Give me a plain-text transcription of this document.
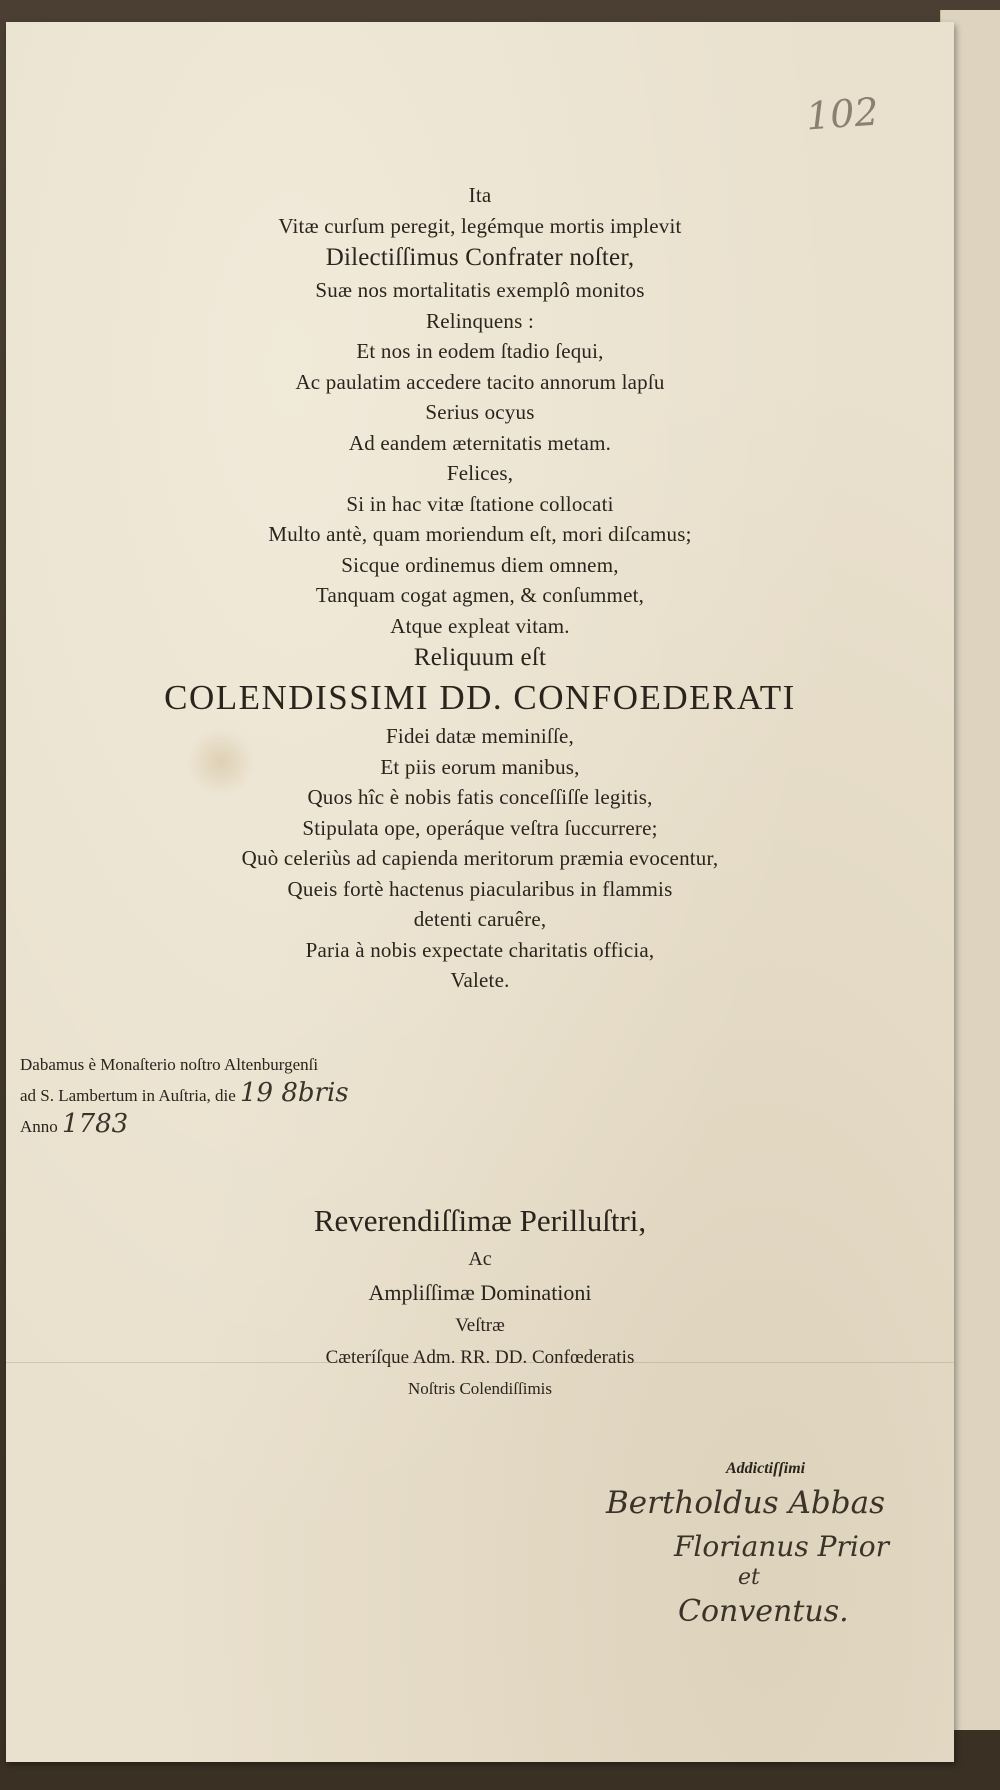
102
Ita
Vitæ curſum peregit, legémque mortis implevit
Dilectiſſimus Confrater noſter,
Suæ nos mortalitatis exemplô monitos
Relinquens :
Et nos in eodem ſtadio ſequi,
Ac paulatim accedere tacito annorum lapſu
Serius ocyus
Ad eandem æternitatis metam.
Felices,
Si in hac vitæ ſtatione collocati
Multo antè, quam moriendum eſt, mori diſcamus;
Sicque ordinemus diem omnem,
Tanquam cogat agmen, & conſummet,
Atque expleat vitam.
Reliquum eſt
COLENDISSIMI DD. CONFOEDERATI
Fidei datæ meminiſſe,
Et piis eorum manibus,
Quos hîc è nobis fatis conceſſiſſe legitis,
Stipulata ope, operáque veſtra ſuccurrere;
Quò celeriùs ad capienda meritorum præmia evocentur,
Queis fortè hactenus piacularibus in flammis
detenti caruêre,
Paria à nobis expectate charitatis officia,
Valete.
Dabamus è Monaſterio noſtro Altenburgenſi
ad S. Lambertum in Auſtria, die 19 8bris
Anno 1783
Reverendiſſimæ Perilluſtri,
Ac
Ampliſſimæ Dominationi
Veſtræ
Cæteríſque Adm. RR. DD. Confœderatis
Noſtris Colendiſſimis
Addictiſſimi
Bertholdus Abbas
Florianus Prior
et
Conventus.
